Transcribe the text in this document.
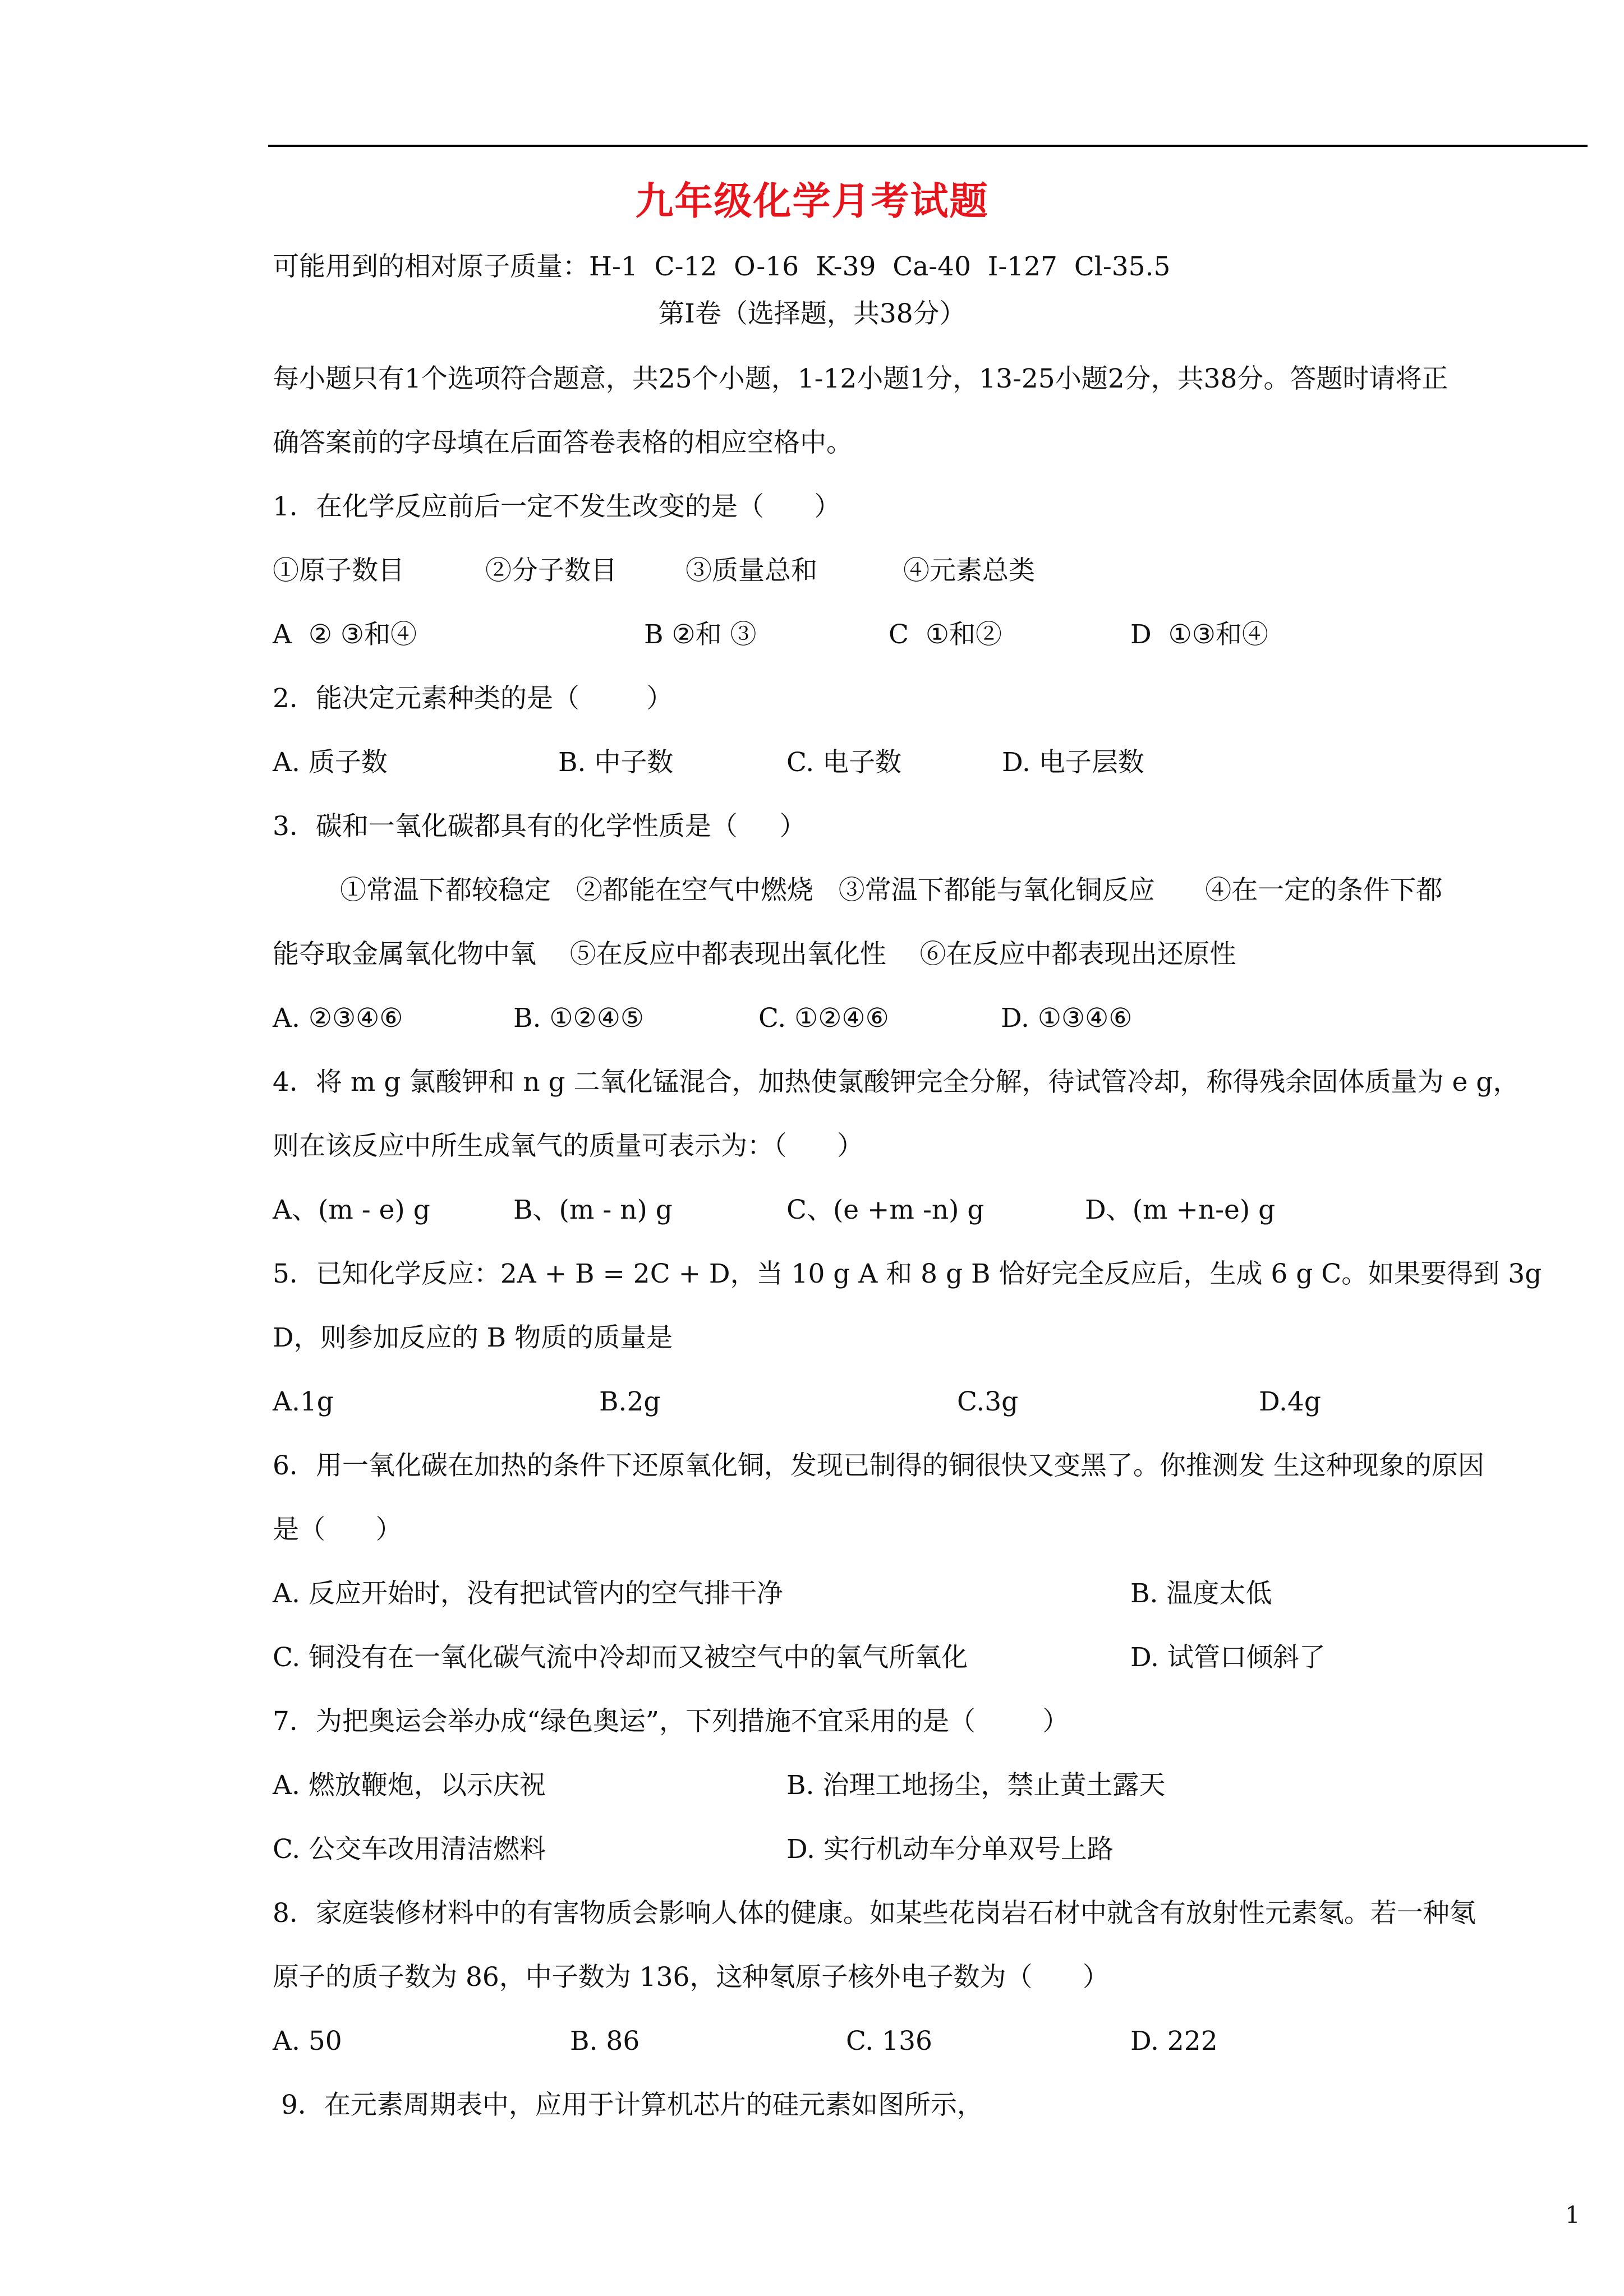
九年级化学月考试题
可能用到的相对原子质量：H-1  C-12  O-16  K-39  Ca-40  I-127  Cl-35.5
第Ⅰ卷（选择题，共38分）
每小题只有1个选项符合题意，共25个小题，1-12小题1分，13-25小题2分，共38分。答题时请将正
确答案前的字母填在后面答卷表格的相应空格中。
1．在化学反应前后一定不发生改变的是（      ）
①原子数目	②分子数目	③质量总和	④元素总类
A  ② ③和④	B ②和 ③	C  ①和②	D  ①③和④
2．能决定元素种类的是（        ）
A. 质子数	B. 中子数	C. 电子数	D. 电子层数
3．碳和一氧化碳都具有的化学性质是（     ）
①常温下都较稳定   ②都能在空气中燃烧   ③常温下都能与氧化铜反应      ④在一定的条件下都
能夺取金属氧化物中氧    ⑤在反应中都表现出氧化性    ⑥在反应中都表现出还原性
A. ②③④⑥	B. ①②④⑤	C. ①②④⑥	D. ①③④⑥
4．将 m g 氯酸钾和 n g 二氧化锰混合，加热使氯酸钾完全分解，待试管冷却，称得残余固体质量为 e g，
则在该反应中所生成氧气的质量可表示为：（      ）
A、(m - e) g	B、(m - n) g	C、(e +m -n) g	D、(m +n-e) g
5．已知化学反应：2A + B = 2C + D，当 10 g A 和 8 g B 恰好完全反应后，生成 6 g C。如果要得到 3g
D，则参加反应的 B 物质的质量是
A.1g	B.2g	C.3g	D.4g
6．用一氧化碳在加热的条件下还原氧化铜，发现已制得的铜很快又变黑了。你推测发 生这种现象的原因
是（      ）
A. 反应开始时，没有把试管内的空气排干净	B. 温度太低
C. 铜没有在一氧化碳气流中冷却而又被空气中的氧气所氧化	D. 试管口倾斜了
7．为把奥运会举办成“绿色奥运”，下列措施不宜采用的是（        ）
A. 燃放鞭炮，以示庆祝	B. 治理工地扬尘，禁止黄土露天
C. 公交车改用清洁燃料	D. 实行机动车分单双号上路
8．家庭装修材料中的有害物质会影响人体的健康。如某些花岗岩石材中就含有放射性元素氡。若一种氡
原子的质子数为 86，中子数为 136，这种氡原子核外电子数为（      ）
A. 50	B. 86	C. 136	D. 222
9．在元素周期表中，应用于计算机芯片的硅元素如图所示，
1
